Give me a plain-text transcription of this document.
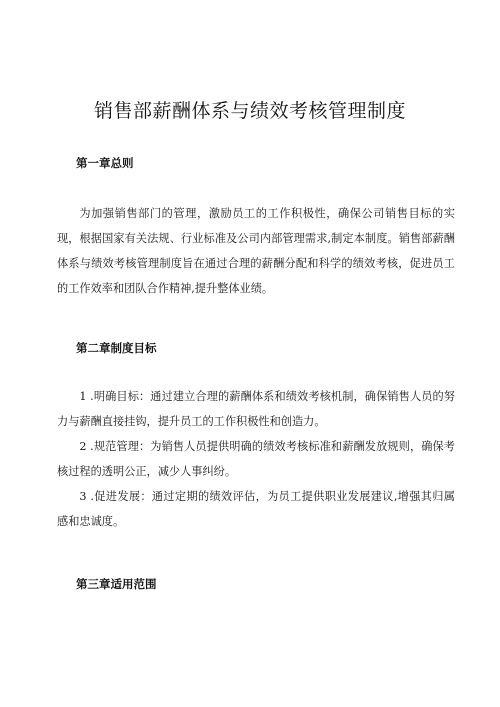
销售部薪酬体系与绩效考核管理制度
第一章总则

为加强销售部门的管理，激励员工的工作积极性，确保公司销售目标的实现，根据国家有关法规、行业标准及公司内部管理需求,制定本制度。销售部薪酬体系与绩效考核管理制度旨在通过合理的薪酬分配和科学的绩效考核，促进员工的工作效率和团队合作精神,提升整体业绩。

第二章制度目标

1 .明确目标：通过建立合理的薪酬体系和绩效考核机制，确保销售人员的努力与薪酬直接挂钩，提升员工的工作积极性和创造力。

2 .规范管理：为销售人员提供明确的绩效考核标准和薪酬发放规则，确保考核过程的透明公正，减少人事纠纷。

3 .促进发展：通过定期的绩效评估，为员工提供职业发展建议,增强其归属感和忠诚度。

第三章适用范围
